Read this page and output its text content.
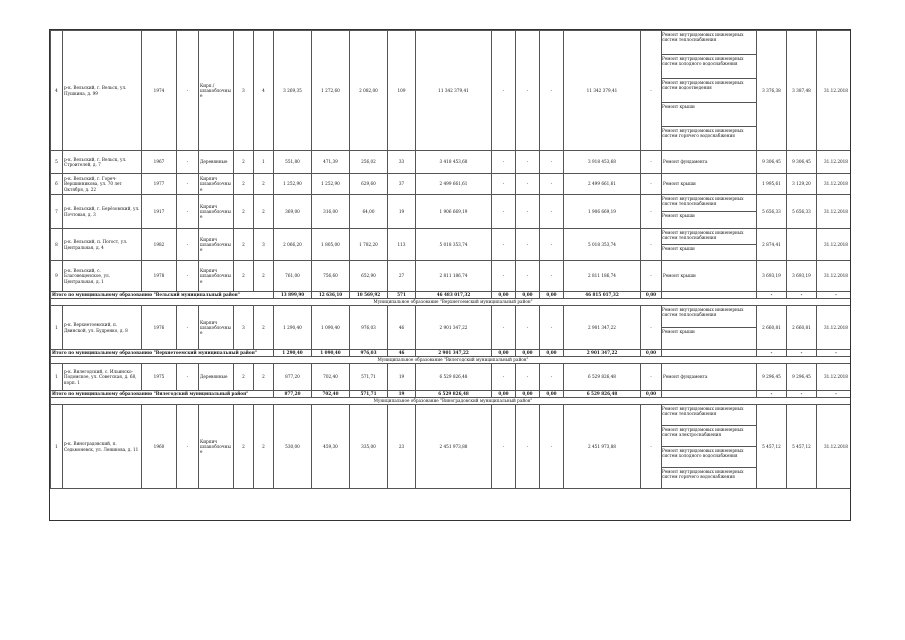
4	р-к. Вельский, г. Вельск, ул. Пушкина, д. 99	1974	-	Кирп./ шлакоблочные	3	4	3 269,35	1 272,60	2 082,00	109	11 342 379,41	-	-	-	11 342 379,41	-	Ремонт внутридомовых инженерных систем теплоснабжения
Ремонт внутридомовых инженерных систем холодного водоснабжения
Ремонт внутридомовых инженерных систем водоотведения
Ремонт крыши
Ремонт внутридомовых инженерных систем горячего водоснабжения	3 376,38	3 387,48	31.12.2018
5	р-к. Вельский, г. Вельск, ул. Строителей, д. 7	1967	-	Деревянные	2	1	551,80	471,39	256,02	33	3 418 453,68	-	-	-	3 918 453,68	-	Ремонт фундамента	9 306,45	9 306,45	31.12.2018
6	р-к. Вельский, г. Гореч-Вершинникова, ул. 70 лет Октября, д. 22	1977	-	Кирпич шлакоблочные	2	2	1 252,90	1 252,90	629,60	37	2 499 661,61	-	-	-	2 499 661,61	-	Ремонт крыши	1 995,61	3 129,20	31.12.2018
7	р-к. Вельский, г. Берёзовский, ул. Почтовая, д. 3	1917	-	Кирпич шлакоблочные	2	2	369,00	316,00	64,00	19	1 906 669,19	-	-	-	1 906 669,19	-	Ремонт внутридомовых инженерных систем теплоснабжения
Ремонт крыши	5 656,33	5 656,33	31.12.2018
8	р-к. Вельский, п. Погост, ул. Центральная, д. 4	1982	-	Кирпич шлакоблочные	2	3	2 066,20	1 805,00	1 782,20	113	5 018 353,74	-	-	-	5 018 353,74	-	Ремонт внутридомовых инженерных систем теплоснабжения
Ремонт крыши	2 874,41		31.12.2018
9	р-к. Вельский, с. Благовещенское, ул. Центральная, д. 1	1978	-	Кирпич шлакоблочные	2	2	761,00	756,60	652,90	27	2 811 186,74	-	-	-	2 811 186,74	-	Ремонт крыши	3 693,19	3 693,19	31.12.2018
Итого по муниципальному образованию "Вельский муниципальный район"							13 899,90	12 636,10	10 569,92	571	46 483 017,32	0,00	0,00	0,00	46 815 017,32	0,00		-	-	-
Муниципальное образование "Верхнетоемский муниципальный район"																				
1	р-к. Верхнетоемский, п. Двинской, ул. Будренко, д. 8	1976	-	Кирпич шлакоблочные	3	2	1 290,40	1 090,40	976,03	46	2 901 347,22	-	-	-	2 901 347,22	-	Ремонт внутридомовых инженерных систем теплоснабжения
Ремонт крыши	2 660,81	2 660,81	31.12.2018
Итого по муниципальному образованию "Верхнетоемский муниципальный район"							1 290,40	1 090,40	976,03	46	2 901 347,22	0,00	0,00	0,00	2 901 347,22	0,00		-	-	-
Муниципальное образование "Вилегодский муниципальный район"																				
1	р-к. Вилегодский, с. Ильинско-Подомское, ул. Советская, д. 68, корп. 1	1975	-	Деревянные	2	2	877,20	702,40	571,71	19	6 529 826,48	-	-	-	6 529 826,48	-	Ремонт фундамента	9 296,45	9 296,45	31.12.2018
Итого по муниципальному образованию "Вилегодский муниципальный район"							877,20	702,40	571,71	19	6 529 826,48	0,00	0,00	0,00	6 529 826,48	0,00		-	-	-
Муниципальное образование "Виноградовский муниципальный район"																				
1	р-к. Виноградовский, п. Седьмоневск, ул. Ленинова, д. 11	1960	-	Кирпич шлакоблочные	2	2	530,00	459,30	335,00	23	2 451 973,88	-	-	-	2 451 973,88	-	Ремонт внутридомовых инженерных систем теплоснабжения
Ремонт внутридомовых инженерных систем электроснабжения
Ремонт внутридомовых инженерных систем холодного водоснабжения
Ремонт внутридомовых инженерных систем горячего водоснабжения	5 457,12	5 457,12	31.12.2018
